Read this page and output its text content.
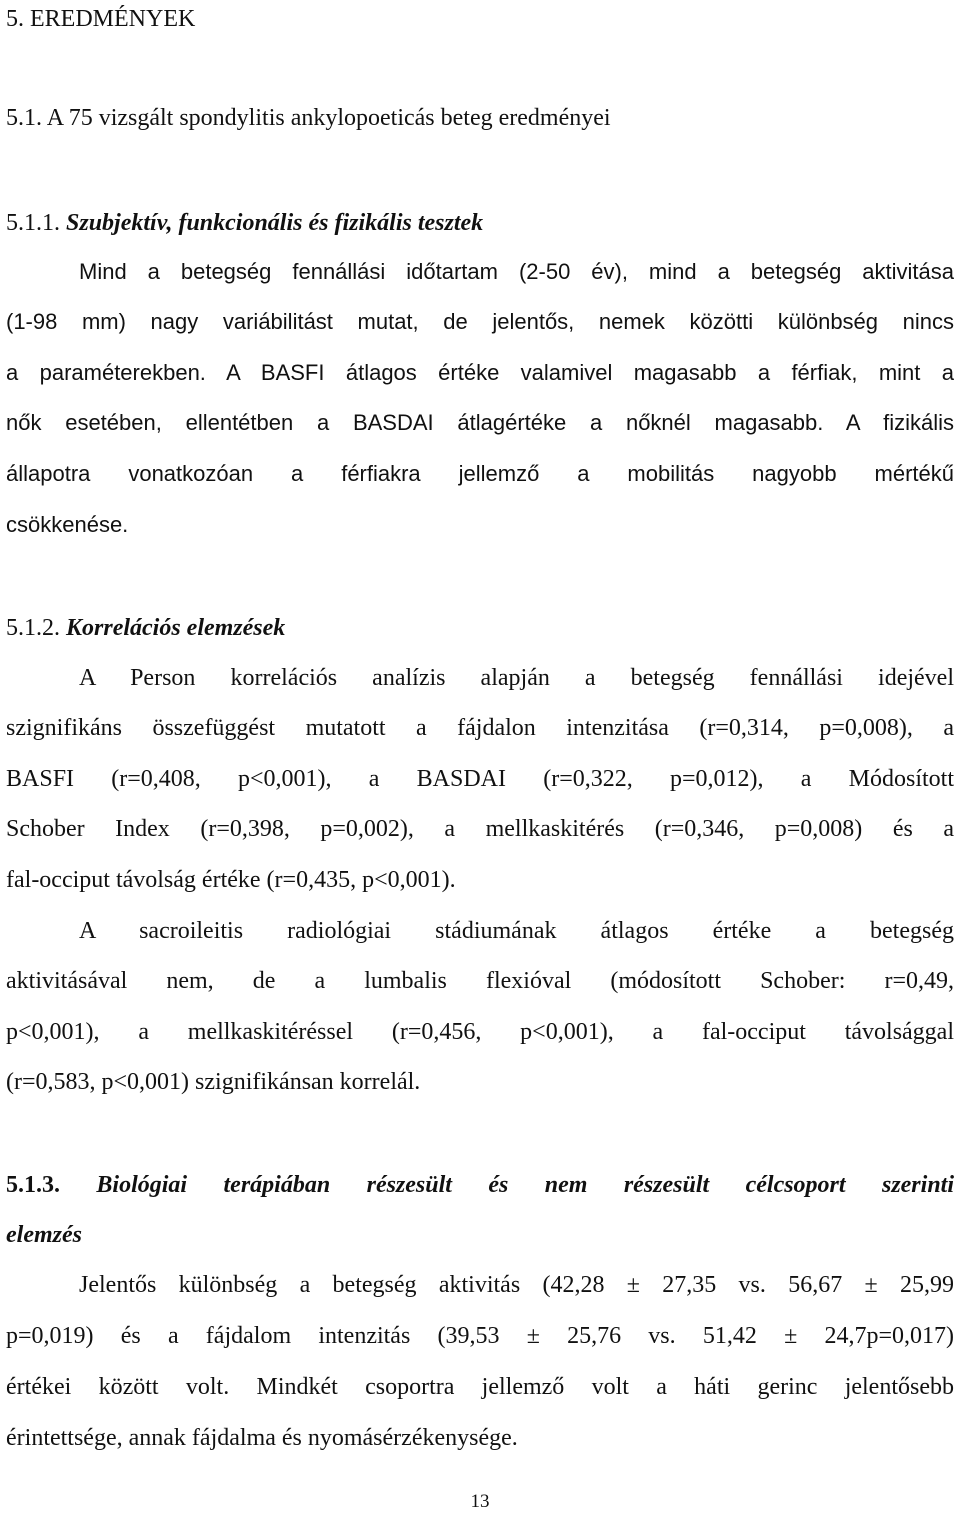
5. EREDMÉNYEK
5.1. A 75 vizsgált spondylitis ankylopoeticás beteg eredményei
5.1.1. Szubjektív, funkcionális és fizikális tesztek
Mind a betegség fennállási időtartam (2-50 év), mind a betegség aktivitása
(1-98 mm) nagy variábilitást mutat, de jelentős, nemek közötti különbség nincs
a paraméterekben. A BASFI átlagos értéke valamivel magasabb a férfiak, mint a
nők esetében, ellentétben a BASDAI átlagértéke a nőknél magasabb. A fizikális
állapotra vonatkozóan a férfiakra jellemző a mobilitás nagyobb mértékű
csökkenése.
5.1.2. Korrelációs elemzések
A Person korrelációs analízis alapján a betegség fennállási idejével
szignifikáns összefüggést mutatott a fájdalon intenzitása (r=0,314, p=0,008), a
BASFI (r=0,408, p<0,001), a BASDAI (r=0,322, p=0,012), a Módosított
Schober Index (r=0,398, p=0,002), a mellkaskitérés (r=0,346, p=0,008) és a
fal-occiput távolság értéke (r=0,435, p<0,001).
A sacroileitis radiológiai stádiumának átlagos értéke a betegség
aktivitásával nem, de a lumbalis flexióval (módosított Schober: r=0,49,
p<0,001), a mellkaskitéréssel (r=0,456, p<0,001), a fal-occiput távolsággal
(r=0,583, p<0,001) szignifikánsan korrelál.
5.1.3. Biológiai terápiában részesült és nem részesült célcsoport szerinti
elemzés
Jelentős különbség a betegség aktivitás (42,28 ± 27,35 vs. 56,67 ± 25,99
p=0,019) és a fájdalom intenzitás (39,53 ± 25,76 vs. 51,42 ± 24,7p=0,017)
értékei között volt. Mindkét csoportra jellemző volt a háti gerinc jelentősebb
érintettsége, annak fájdalma és nyomásérzékenysége.
13
